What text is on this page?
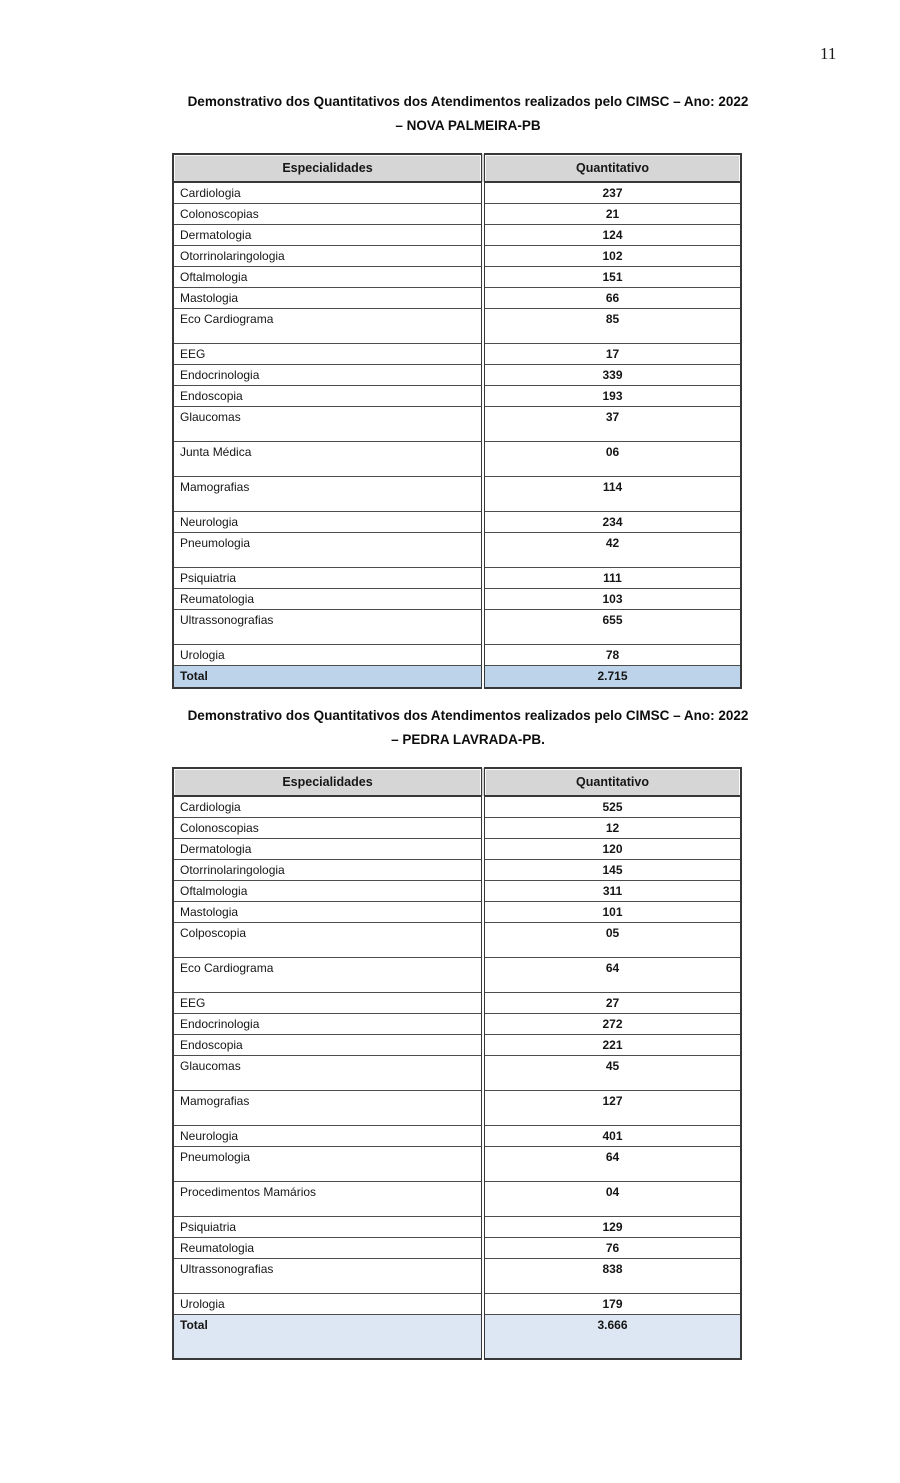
11
Demonstrativo dos Quantitativos dos Atendimentos realizados pelo CIMSC – Ano: 2022
– NOVA PALMEIRA-PB
Especialidades	Quantitativo
Cardiologia	237
Colonoscopias	21
Dermatologia	124
Otorrinolaringologia	102
Oftalmologia	151
Mastologia	66
Eco Cardiograma	85
EEG	17
Endocrinologia	339
Endoscopia	193
Glaucomas	37
Junta Médica	06
Mamografias	114
Neurologia	234
Pneumologia	42
Psiquiatria	111
Reumatologia	103
Ultrassonografias	655
Urologia	78
Total	2.715
Demonstrativo dos Quantitativos dos Atendimentos realizados pelo CIMSC – Ano: 2022
– PEDRA LAVRADA-PB.
Especialidades	Quantitativo
Cardiologia	525
Colonoscopias	12
Dermatologia	120
Otorrinolaringologia	145
Oftalmologia	311
Mastologia	101
Colposcopia	05
Eco Cardiograma	64
EEG	27
Endocrinologia	272
Endoscopia	221
Glaucomas	45
Mamografias	127
Neurologia	401
Pneumologia	64
Procedimentos Mamários	04
Psiquiatria	129
Reumatologia	76
Ultrassonografias	838
Urologia	179
Total	3.666
